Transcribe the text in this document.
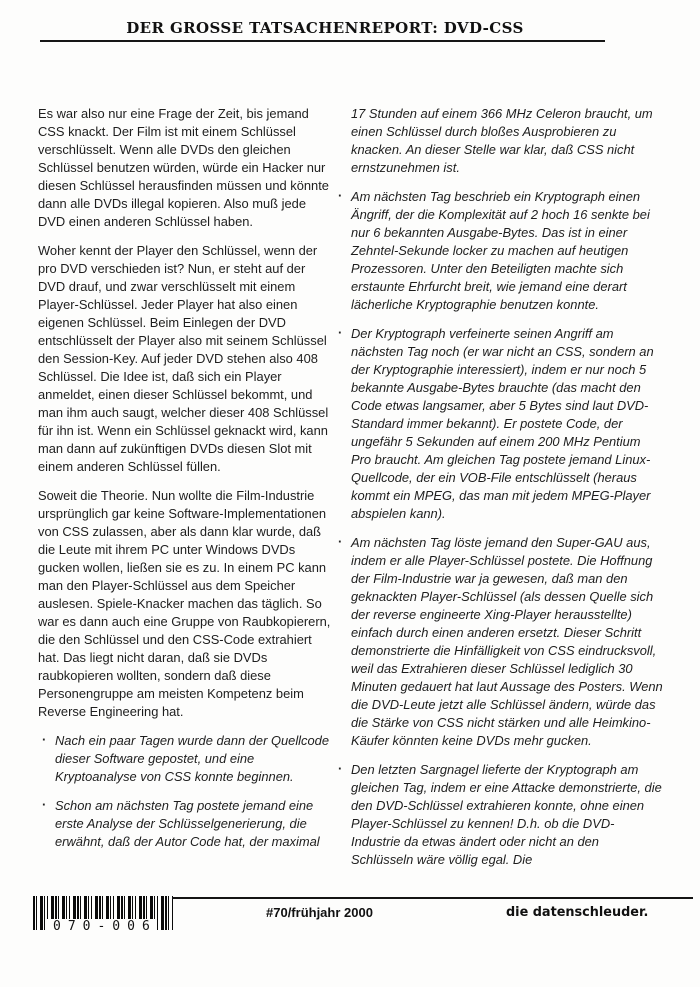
DER GROSSE TATSACHENREPORT: DVD-CSS

Es war also nur eine Frage der Zeit, bis jemand CSS knackt. Der Film ist mit einem Schlüssel verschlüsselt. Wenn alle DVDs den gleichen Schlüssel benutzen würden, würde ein Hacker nur diesen Schlüssel herausfinden müssen und könnte dann alle DVDs illegal kopieren. Also muß jede DVD einen anderen Schlüssel haben.

Woher kennt der Player den Schlüssel, wenn der pro DVD verschieden ist? Nun, er steht auf der DVD drauf, und zwar verschlüsselt mit einem Player-Schlüssel. Jeder Player hat also einen eigenen Schlüssel. Beim Einlegen der DVD entschlüsselt der Player also mit seinem Schlüssel den Session-Key. Auf jeder DVD stehen also 408 Schlüssel. Die Idee ist, daß sich ein Player anmeldet, einen dieser Schlüssel bekommt, und man ihm auch saugt, welcher dieser 408 Schlüssel für ihn ist. Wenn ein Schlüssel geknackt wird, kann man dann auf zukünftigen DVDs diesen Slot mit einem anderen Schlüssel füllen.

Soweit die Theorie. Nun wollte die Film-Industrie ursprünglich gar keine Software-Implementationen von CSS zulassen, aber als dann klar wurde, daß die Leute mit ihrem PC unter Windows DVDs gucken wollen, ließen sie es zu. In einem PC kann man den Player-Schlüssel aus dem Speicher auslesen. Spiele-Knacker machen das täglich. So war es dann auch eine Gruppe von Raubkopierern, die den Schlüssel und den CSS-Code extrahiert hat. Das liegt nicht daran, daß sie DVDs raubkopieren wollten, sondern daß diese Personengruppe am meisten Kompetenz beim Reverse Engineering hat.

· Nach ein paar Tagen wurde dann der Quellcode dieser Software gepostet, und eine Kryptoanalyse von CSS konnte beginnen.
· Schon am nächsten Tag postete jemand eine erste Analyse der Schlüsselgenerierung, die erwähnt, daß der Autor Code hat, der maximal

17 Stunden auf einem 366 MHz Celeron braucht, um einen Schlüssel durch bloßes Ausprobieren zu knacken. An dieser Stelle war klar, daß CSS nicht ernstzunehmen ist.

· Am nächsten Tag beschrieb ein Kryptograph einen Ängriff, der die Komplexität auf 2 hoch 16 senkte bei nur 6 bekannten Ausgabe-Bytes. Das ist in einer Zehntel-Sekunde locker zu machen auf heutigen Prozessoren. Unter den Beteiligten machte sich erstaunte Ehrfurcht breit, wie jemand eine derart lächerliche Kryptographie benutzen konnte.
· Der Kryptograph verfeinerte seinen Angriff am nächsten Tag noch (er war nicht an CSS, sondern an der Kryptographie interessiert), indem er nur noch 5 bekannte Ausgabe-Bytes brauchte (das macht den Code etwas langsamer, aber 5 Bytes sind laut DVD-Standard immer bekannt). Er postete Code, der ungefähr 5 Sekunden auf einem 200 MHz Pentium Pro braucht. Am gleichen Tag postete jemand Linux-Quellcode, der ein VOB-File entschlüsselt (heraus kommt ein MPEG, das man mit jedem MPEG-Player abspielen kann).
· Am nächsten Tag löste jemand den Super-GAU aus, indem er alle Player-Schlüssel postete. Die Hoffnung der Film-Industrie war ja gewesen, daß man den geknackten Player-Schlüssel (als dessen Quelle sich der reverse engineerte Xing-Player herausstellte) einfach durch einen anderen ersetzt. Dieser Schritt demonstrierte die Hinfälligkeit von CSS eindrucksvoll, weil das Extrahieren dieser Schlüssel lediglich 30 Minuten gedauert hat laut Aussage des Posters. Wenn die DVD-Leute jetzt alle Schlüssel ändern, würde das die Stärke von CSS nicht stärken und alle Heimkino-Käufer könnten keine DVDs mehr gucken.
· Den letzten Sargnagel lieferte der Kryptograph am gleichen Tag, indem er eine Attacke demonstrierte, die den DVD-Schlüssel extrahieren konnte, ohne einen Player-Schlüssel zu kennen! D.h. ob die DVD-Industrie da etwas ändert oder nicht an den Schlüsseln wäre völlig egal. Die
070-006
#70/frühjahr 2000	die datenschleuder.
